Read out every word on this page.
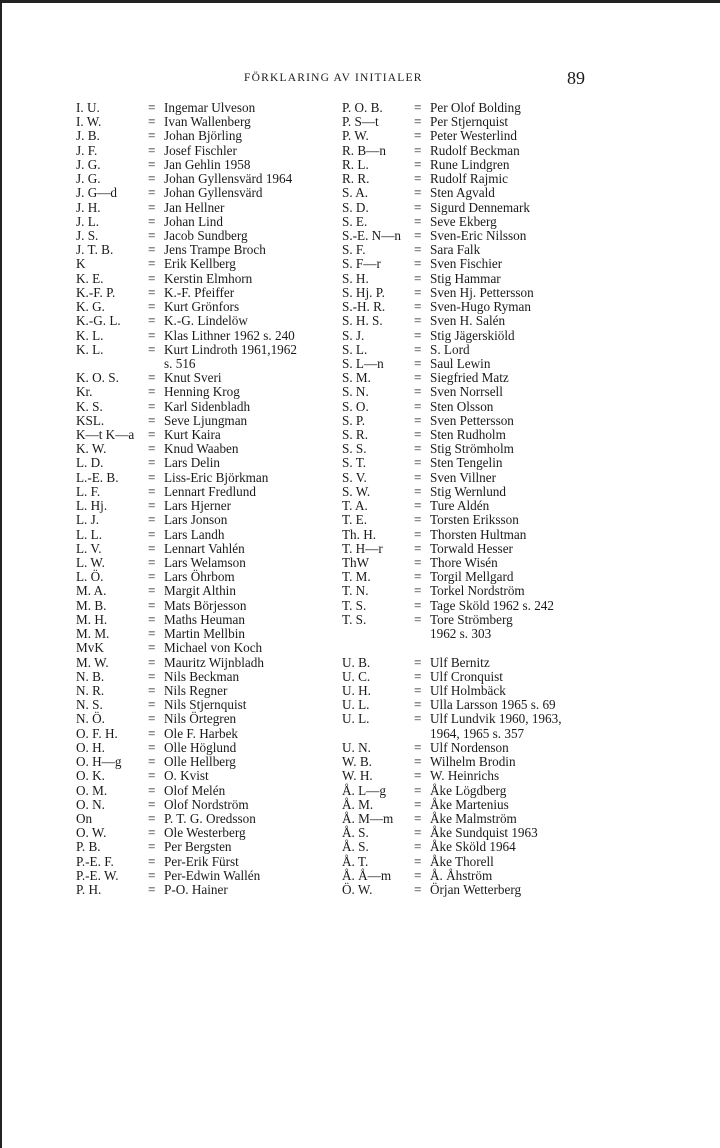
FÖRKLARING AV INITIALER	89
I. U.	= Ingemar Ulveson
I. W.	= Ivan Wallenberg
J. B.	= Johan Björling
J. F.	= Josef Fischler
J. G.	= Jan Gehlin 1958
J. G.	= Johan Gyllensvärd 1964
J. G—d	= Johan Gyllensvärd
J. H.	= Jan Hellner
J. L.	= Johan Lind
J. S.	= Jacob Sundberg
J. T. B.	= Jens Trampe Broch
K	= Erik Kellberg
K. E.	= Kerstin Elmhorn
K.-F. P.	= K.-F. Pfeiffer
K. G.	= Kurt Grönfors
K.-G. L.	= K.-G. Lindelöw
K. L.	= Klas Lithner 1962 s. 240
K. L.	= Kurt Lindroth 1961,1962
s. 516
K. O. S.	= Knut Sveri
Kr.	= Henning Krog
K. S.	= Karl Sidenbladh
KSL.	= Seve Ljungman
K—t K—a	= Kurt Kaira
K. W.	= Knud Waaben
L. D.	= Lars Delin
L.-E. B.	= Liss-Eric Björkman
L. F.	= Lennart Fredlund
L. Hj.	= Lars Hjerner
L. J.	= Lars Jonson
L. L.	= Lars Landh
L. V.	= Lennart Vahlén
L. W.	= Lars Welamson
L. Ö.	= Lars Öhrbom
M. A.	= Margit Althin
M. B.	= Mats Börjesson
M. H.	= Maths Heuman
M. M.	= Martin Mellbin
MvK	= Michael von Koch
M. W.	= Mauritz Wijnbladh
N. B.	= Nils Beckman
N. R.	= Nils Regner
N. S.	= Nils Stjernquist
N. Ö.	= Nils Örtegren
O. F. H.	= Ole F. Harbek
O. H.	= Olle Höglund
O. H—g	= Olle Hellberg
O. K.	= O. Kvist
O. M.	= Olof Melén
O. N.	= Olof Nordström
On	= P. T. G. Oredsson
O. W.	= Ole Westerberg
P. B.	= Per Bergsten
P.-E. F.	= Per-Erik Fürst
P.-E. W.	= Per-Edwin Wallén
P. H.	= P-O. Hainer
P. O. B.	= Per Olof Bolding
P. S—t	= Per Stjernquist
P. W.	= Peter Westerlind
R. B—n	= Rudolf Beckman
R. L.	= Rune Lindgren
R. R.	= Rudolf Rajmic
S. A.	= Sten Agvald
S. D.	= Sigurd Dennemark
S. E.	= Seve Ekberg
S.-E. N—n = Sven-Eric Nilsson
S. F.	= Sara Falk
S. F—r	= Sven Fischier
S. H.	= Stig Hammar
S. Hj. P.	= Sven Hj. Pettersson
S.-H. R.	= Sven-Hugo Ryman
S. H. S.	= Sven H. Salén
S. J.	= Stig Jägerskiöld
S. L.	= S. Lord
S. L—n	= Saul Lewin
S. M.	= Siegfried Matz
S. N.	= Sven Norrsell
S. O.	= Sten Olsson
S. P.	= Sven Pettersson
S. R.	= Sten Rudholm
S. S.	= Stig Strömholm
S. T.	= Sten Tengelin
S. V.	= Sven Villner
S. W.	= Stig Wernlund
T. A.	= Ture Aldén
T. E.	= Torsten Eriksson
Th. H.	= Thorsten Hultman
T. H—r	= Torwald Hesser
ThW	= Thore Wisén
T. M.	= Torgil Mellgard
T. N.	= Torkel Nordström
T. S.	= Tage Sköld 1962 s. 242
T. S.	= Tore Strömberg
1962 s. 303

U. B.	= Ulf Bernitz
U. C.	= Ulf Cronquist
U. H.	= Ulf Holmbäck
U. L.	= Ulla Larsson 1965 s. 69
U. L.	= Ulf Lundvik 1960, 1963,
1964, 1965 s. 357
U. N.	= Ulf Nordenson
W. B.	= Wilhelm Brodin
W. H.	= W. Heinrichs
Å. L—g	= Åke Lögdberg
Å. M.	= Åke Martenius
Å. M—m	= Åke Malmström
Å. S.	= Åke Sundquist 1963
Å. S.	= Åke Sköld 1964
Å. T.	= Åke Thorell
Å. Å—m	= Å. Åhström
Ö. W.	= Örjan Wetterberg
